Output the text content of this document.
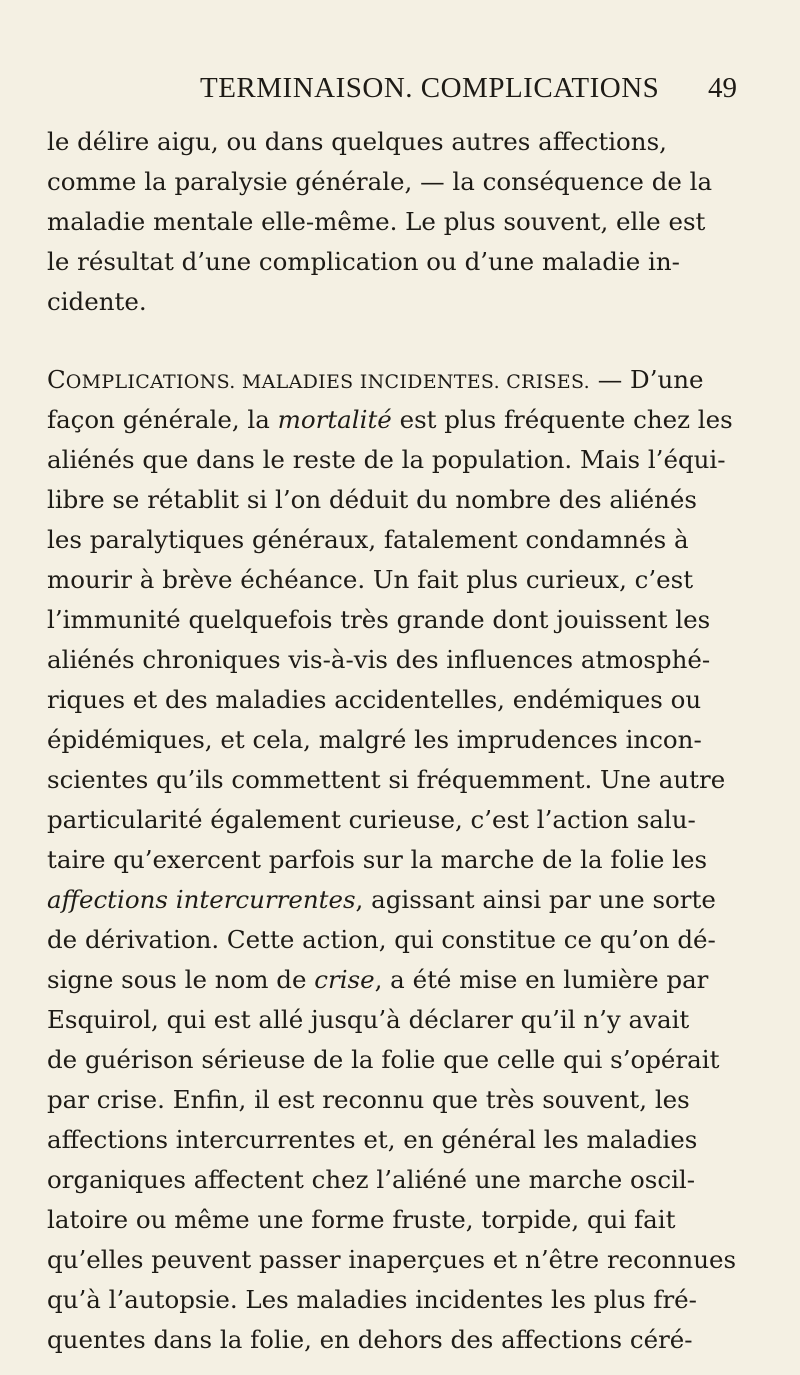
TERMINAISON. COMPLICATIONS 49
le délire aigu, ou dans quelques autres affections,
comme la paralysie générale, — la conséquence de la
maladie mentale elle-même. Le plus souvent, elle est
le résultat d’une complication ou d’une maladie in-
cidente.
COMPLICATIONS. MALADIES INCIDENTES. CRISES. — D’une
façon générale, la mortalité est plus fréquente chez les
aliénés que dans le reste de la population. Mais l’équi-
libre se rétablit si l’on déduit du nombre des aliénés
les paralytiques généraux, fatalement condamnés à
mourir à brève échéance. Un fait plus curieux, c’est
l’immunité quelquefois très grande dont jouissent les
aliénés chroniques vis-à-vis des influences atmosphé-
riques et des maladies accidentelles, endémiques ou
épidémiques, et cela, malgré les imprudences incon-
scientes qu’ils commettent si fréquemment. Une autre
particularité également curieuse, c’est l’action salu-
taire qu’exercent parfois sur la marche de la folie les
affections intercurrentes, agissant ainsi par une sorte
de dérivation. Cette action, qui constitue ce qu’on dé-
signe sous le nom de crise, a été mise en lumière par
Esquirol, qui est allé jusqu’à déclarer qu’il n’y avait
de guérison sérieuse de la folie que celle qui s’opérait
par crise. Enfin, il est reconnu que très souvent, les
affections intercurrentes et, en général les maladies
organiques affectent chez l’aliéné une marche oscil-
latoire ou même une forme fruste, torpide, qui fait
qu’elles peuvent passer inaperçues et n’être reconnues
qu’à l’autopsie. Les maladies incidentes les plus fré-
quentes dans la folie, en dehors des affections céré-
